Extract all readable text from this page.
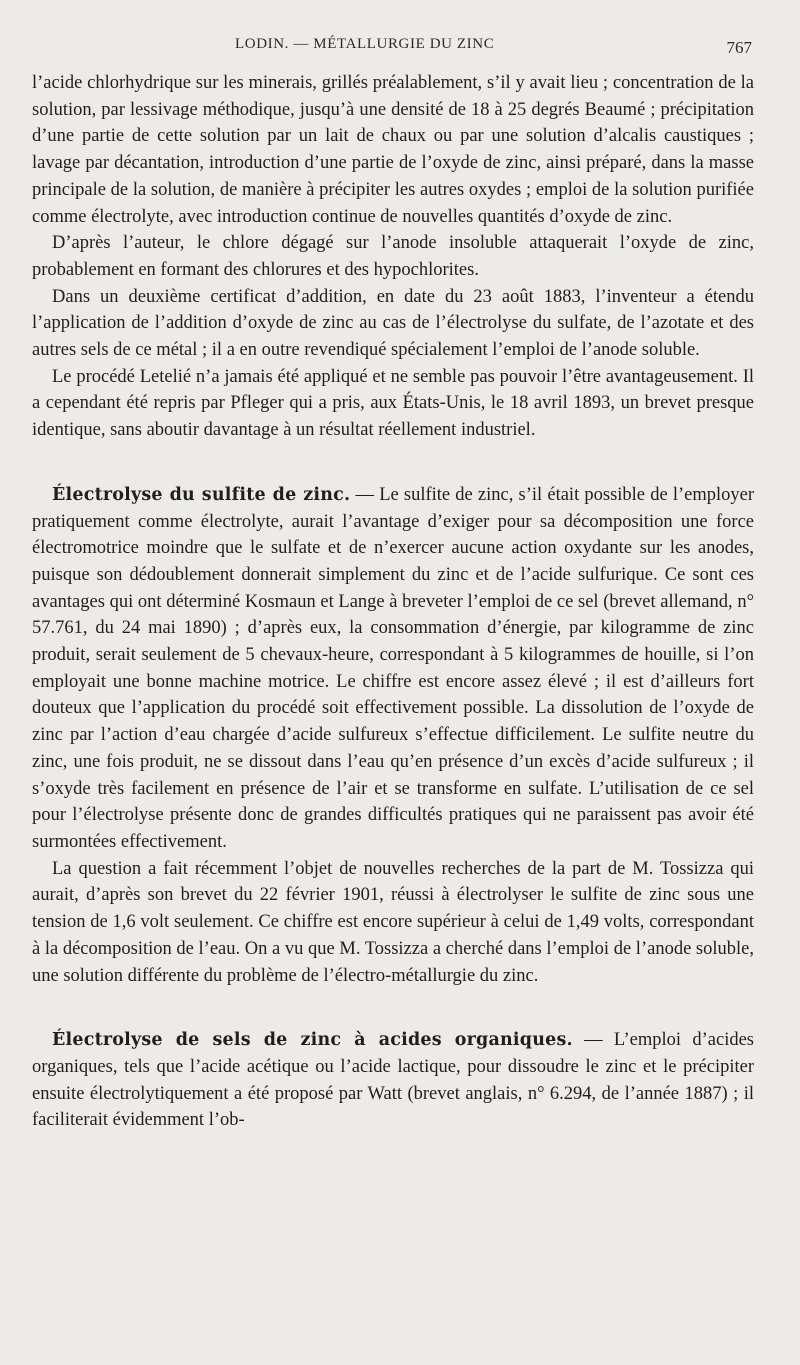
LODIN. — MÉTALLURGIE DU ZINC	767

l’acide chlorhydrique sur les minerais, grillés préalablement, s’il y avait lieu ; concentration de la solution, par lessivage méthodique, jusqu’à une densité de 18 à 25 degrés Beaumé ; précipitation d’une partie de cette solution par un lait de chaux ou par une solution d’alcalis caustiques ; lavage par décantation, introduction d’une partie de l’oxyde de zinc, ainsi préparé, dans la masse principale de la solution, de manière à précipiter les autres oxydes ; emploi de la solution purifiée comme électrolyte, avec introduction continue de nouvelles quantités d’oxyde de zinc.

D’après l’auteur, le chlore dégagé sur l’anode insoluble attaquerait l’oxyde de zinc, probablement en formant des chlorures et des hypochlorites.

Dans un deuxième certificat d’addition, en date du 23 août 1883, l’inventeur a étendu l’application de l’addition d’oxyde de zinc au cas de l’électrolyse du sulfate, de l’azotate et des autres sels de ce métal ; il a en outre revendiqué spécialement l’emploi de l’anode soluble.

Le procédé Letelié n’a jamais été appliqué et ne semble pas pouvoir l’être avantageusement. Il a cependant été repris par Pfleger qui a pris, aux États-Unis, le 18 avril 1893, un brevet presque identique, sans aboutir davantage à un résultat réellement industriel.

Électrolyse du sulfite de zinc. — Le sulfite de zinc, s’il était possible de l’employer pratiquement comme électrolyte, aurait l’avantage d’exiger pour sa décomposition une force électromotrice moindre que le sulfate et de n’exercer aucune action oxydante sur les anodes, puisque son dédoublement donnerait simplement du zinc et de l’acide sulfurique. Ce sont ces avantages qui ont déterminé Kosmaun et Lange à breveter l’emploi de ce sel (brevet allemand, n° 57.761, du 24 mai 1890) ; d’après eux, la consommation d’énergie, par kilogramme de zinc produit, serait seulement de 5 chevaux-heure, correspondant à 5 kilogrammes de houille, si l’on employait une bonne machine motrice. Le chiffre est encore assez élevé ; il est d’ailleurs fort douteux que l’application du procédé soit effectivement possible. La dissolution de l’oxyde de zinc par l’action d’eau chargée d’acide sulfureux s’effectue difficilement. Le sulfite neutre du zinc, une fois produit, ne se dissout dans l’eau qu’en présence d’un excès d’acide sulfureux ; il s’oxyde très facilement en présence de l’air et se transforme en sulfate. L’utilisation de ce sel pour l’électrolyse présente donc de grandes difficultés pratiques qui ne paraissent pas avoir été surmontées effectivement.

La question a fait récemment l’objet de nouvelles recherches de la part de M. Tossizza qui aurait, d’après son brevet du 22 février 1901, réussi à électrolyser le sulfite de zinc sous une tension de 1,6 volt seulement. Ce chiffre est encore supérieur à celui de 1,49 volts, correspondant à la décomposition de l’eau. On a vu que M. Tossizza a cherché dans l’emploi de l’anode soluble, une solution différente du problème de l’électro-métallurgie du zinc.

Électrolyse de sels de zinc à acides organiques. — L’emploi d’acides organiques, tels que l’acide acétique ou l’acide lactique, pour dissoudre le zinc et le précipiter ensuite électrolytiquement a été proposé par Watt (brevet anglais, n° 6.294, de l’année 1887) ; il faciliterait évidemment l’ob-
